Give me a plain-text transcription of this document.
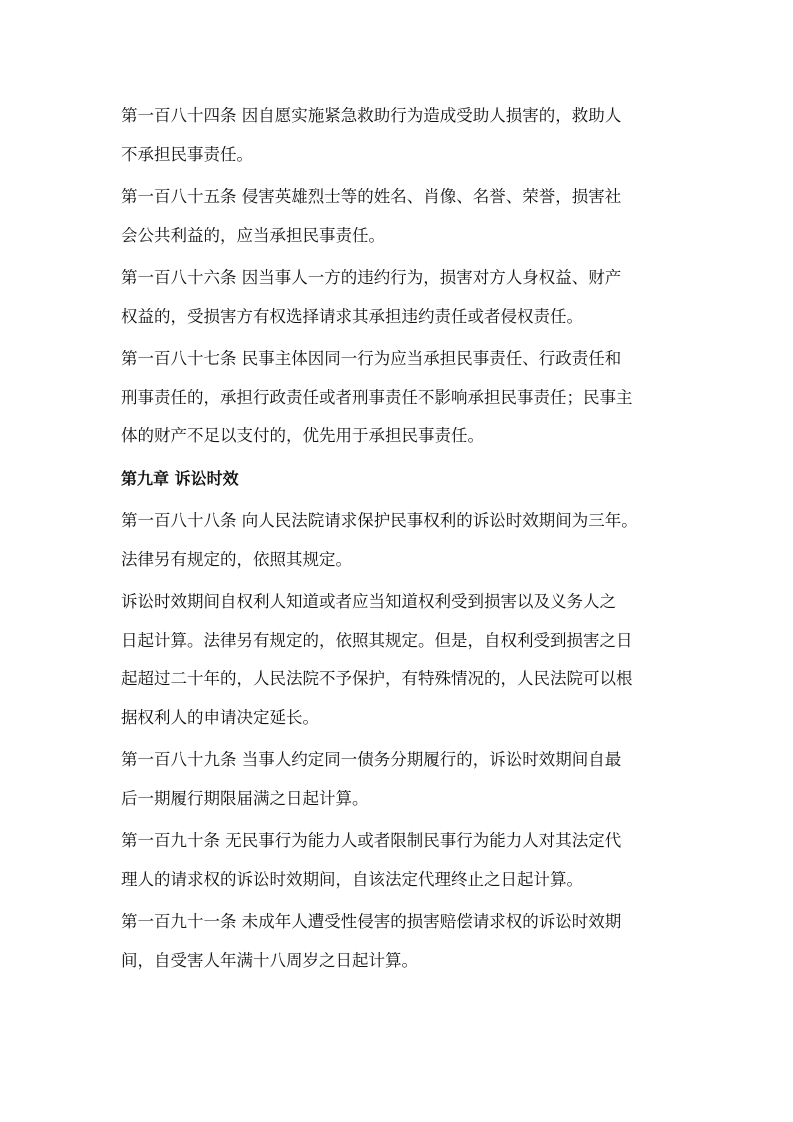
第一百八十四条 因自愿实施紧急救助行为造成受助人损害的，救助人
不承担民事责任。
第一百八十五条 侵害英雄烈士等的姓名、肖像、名誉、荣誉，损害社
会公共利益的，应当承担民事责任。
第一百八十六条 因当事人一方的违约行为，损害对方人身权益、财产
权益的，受损害方有权选择请求其承担违约责任或者侵权责任。
第一百八十七条 民事主体因同一行为应当承担民事责任、行政责任和
刑事责任的，承担行政责任或者刑事责任不影响承担民事责任；民事主
体的财产不足以支付的，优先用于承担民事责任。
第九章 诉讼时效
第一百八十八条 向人民法院请求保护民事权利的诉讼时效期间为三年。
法律另有规定的，依照其规定。
诉讼时效期间自权利人知道或者应当知道权利受到损害以及义务人之
日起计算。法律另有规定的，依照其规定。但是，自权利受到损害之日
起超过二十年的，人民法院不予保护，有特殊情况的，人民法院可以根
据权利人的申请决定延长。
第一百八十九条 当事人约定同一债务分期履行的，诉讼时效期间自最
后一期履行期限届满之日起计算。
第一百九十条 无民事行为能力人或者限制民事行为能力人对其法定代
理人的请求权的诉讼时效期间，自该法定代理终止之日起计算。
第一百九十一条 未成年人遭受性侵害的损害赔偿请求权的诉讼时效期
间，自受害人年满十八周岁之日起计算。
